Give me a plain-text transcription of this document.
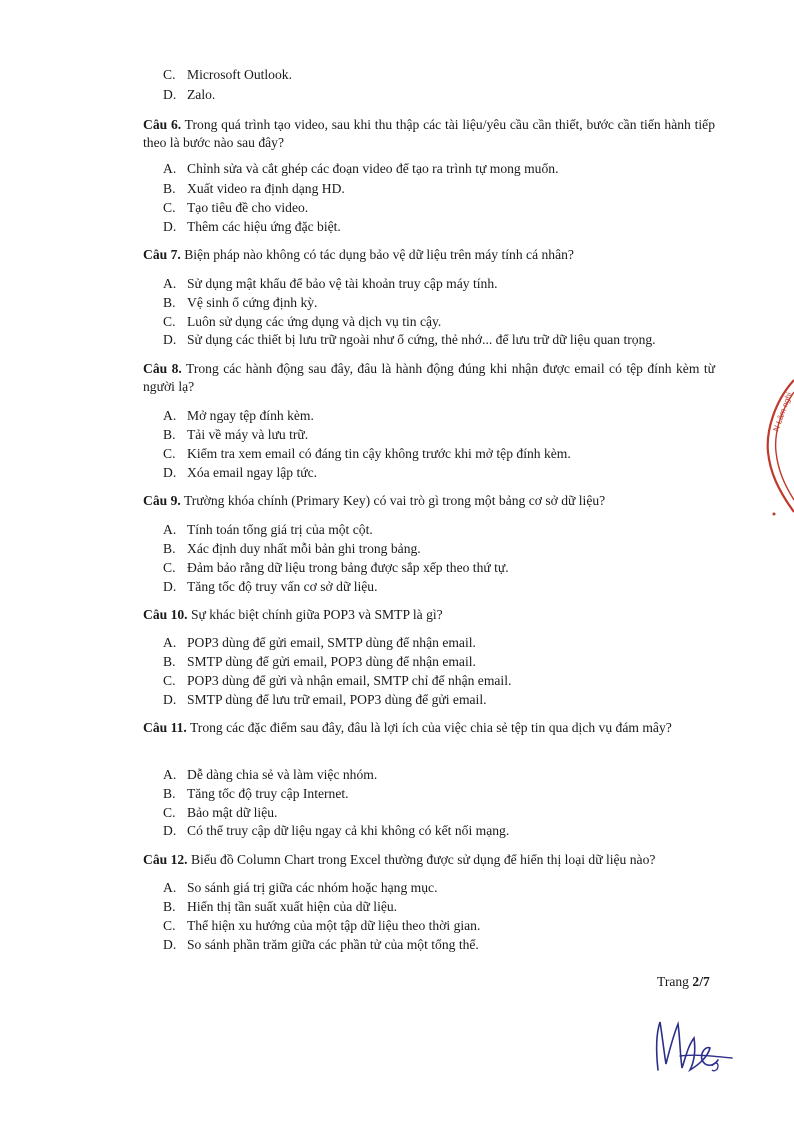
C. Microsoft Outlook.
D. Zalo.
Câu 6. Trong quá trình tạo video, sau khi thu thập các tài liệu/yêu cầu cần thiết, bước cần tiến hành tiếp theo là bước nào sau đây?
A. Chỉnh sửa và cắt ghép các đoạn video để tạo ra trình tự mong muốn.
B. Xuất video ra định dạng HD.
C. Tạo tiêu đề cho video.
D. Thêm các hiệu ứng đặc biệt.
Câu 7. Biện pháp nào không có tác dụng bảo vệ dữ liệu trên máy tính cá nhân?
A. Sử dụng mật khẩu để bảo vệ tài khoản truy cập máy tính.
B. Vệ sinh ổ cứng định kỳ.
C. Luôn sử dụng các ứng dụng và dịch vụ tin cậy.
D. Sử dụng các thiết bị lưu trữ ngoài như ổ cứng, thẻ nhớ... để lưu trữ dữ liệu quan trọng.
Câu 8. Trong các hành động sau đây, đâu là hành động đúng khi nhận được email có tệp đính kèm từ người lạ?
A. Mở ngay tệp đính kèm.
B. Tải về máy và lưu trữ.
C. Kiểm tra xem email có đáng tin cậy không trước khi mở tệp đính kèm.
D. Xóa email ngay lập tức.
Câu 9. Trường khóa chính (Primary Key) có vai trò gì trong một bảng cơ sở dữ liệu?
A. Tính toán tổng giá trị của một cột.
B. Xác định duy nhất mỗi bản ghi trong bảng.
C. Đảm bảo rằng dữ liệu trong bảng được sắp xếp theo thứ tự.
D. Tăng tốc độ truy vấn cơ sở dữ liệu.
Câu 10. Sự khác biệt chính giữa POP3 và SMTP là gì?
A. POP3 dùng để gửi email, SMTP dùng để nhận email.
B. SMTP dùng để gửi email, POP3 dùng để nhận email.
C. POP3 dùng để gửi và nhận email, SMTP chỉ để nhận email.
D. SMTP dùng để lưu trữ email, POP3 dùng để gửi email.
Câu 11. Trong các đặc điểm sau đây, đâu là lợi ích của việc chia sẻ tệp tin qua dịch vụ đám mây?
A. Dễ dàng chia sẻ và làm việc nhóm.
B. Tăng tốc độ truy cập Internet.
C. Bảo mật dữ liệu.
D. Có thể truy cập dữ liệu ngay cả khi không có kết nối mạng.
Câu 12. Biểu đồ Column Chart trong Excel thường được sử dụng để hiển thị loại dữ liệu nào?
A. So sánh giá trị giữa các nhóm hoặc hạng mục.
B. Hiển thị tần suất xuất hiện của dữ liệu.
C. Thể hiện xu hướng của một tập dữ liệu theo thời gian.
D. So sánh phần trăm giữa các phần tử của một tổng thể.
Trang 2/7
N Lâm nghi
